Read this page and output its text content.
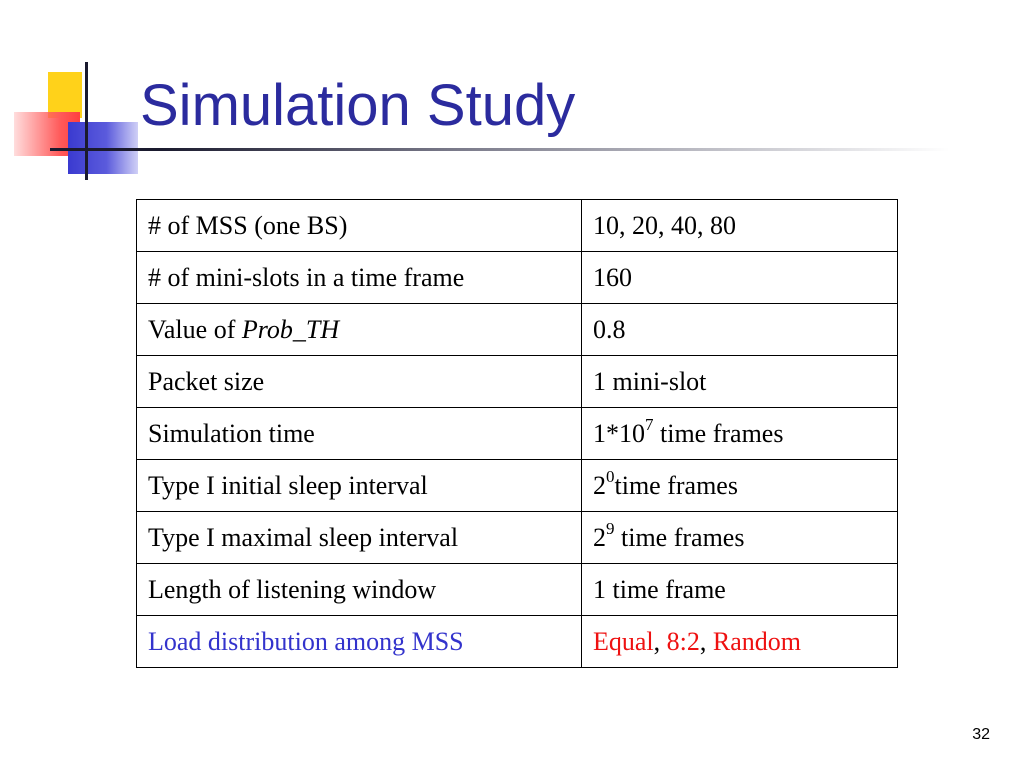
Simulation Study
# of MSS (one BS)	10, 20, 40, 80
# of mini-slots in a time frame	160
Value of Prob_TH	0.8
Packet size	1 mini-slot
Simulation time	$1*10^7$ time frames
Type I initial sleep interval	$2^0time$ frames
Type I maximal sleep interval	$2^9$ time frames
Length of listening window	1 time frame
Load distribution among MSS	Equal, 8:2, Random
32
